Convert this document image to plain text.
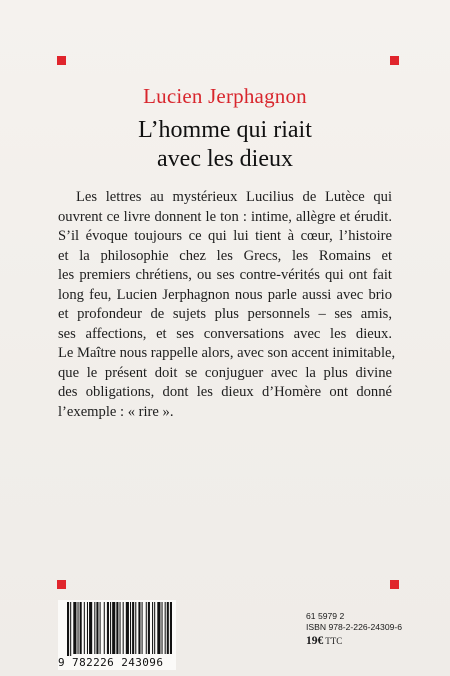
Lucien Jerphagnon
L’homme qui riait
avec les dieux
Les lettres au mystérieux Lucilius de Lutèce qui
ouvrent ce livre donnent le ton : intime, allègre et érudit.
S’il évoque toujours ce qui lui tient à cœur, l’histoire
et la philosophie chez les Grecs, les Romains et
les premiers chrétiens, ou ses contre-vérités qui ont fait
long feu, Lucien Jerphagnon nous parle aussi avec brio
et profondeur de sujets plus personnels – ses amis,
ses affections, et ses conversations avec les dieux.
Le Maître nous rappelle alors, avec son accent inimitable,
que le présent doit se conjuguer avec la plus divine
des obligations, dont les dieux d’Homère ont donné
l’exemple : « rire ».
9 782226 243096
61 5979 2
ISBN 978-2-226-24309-6
19€ TTC
